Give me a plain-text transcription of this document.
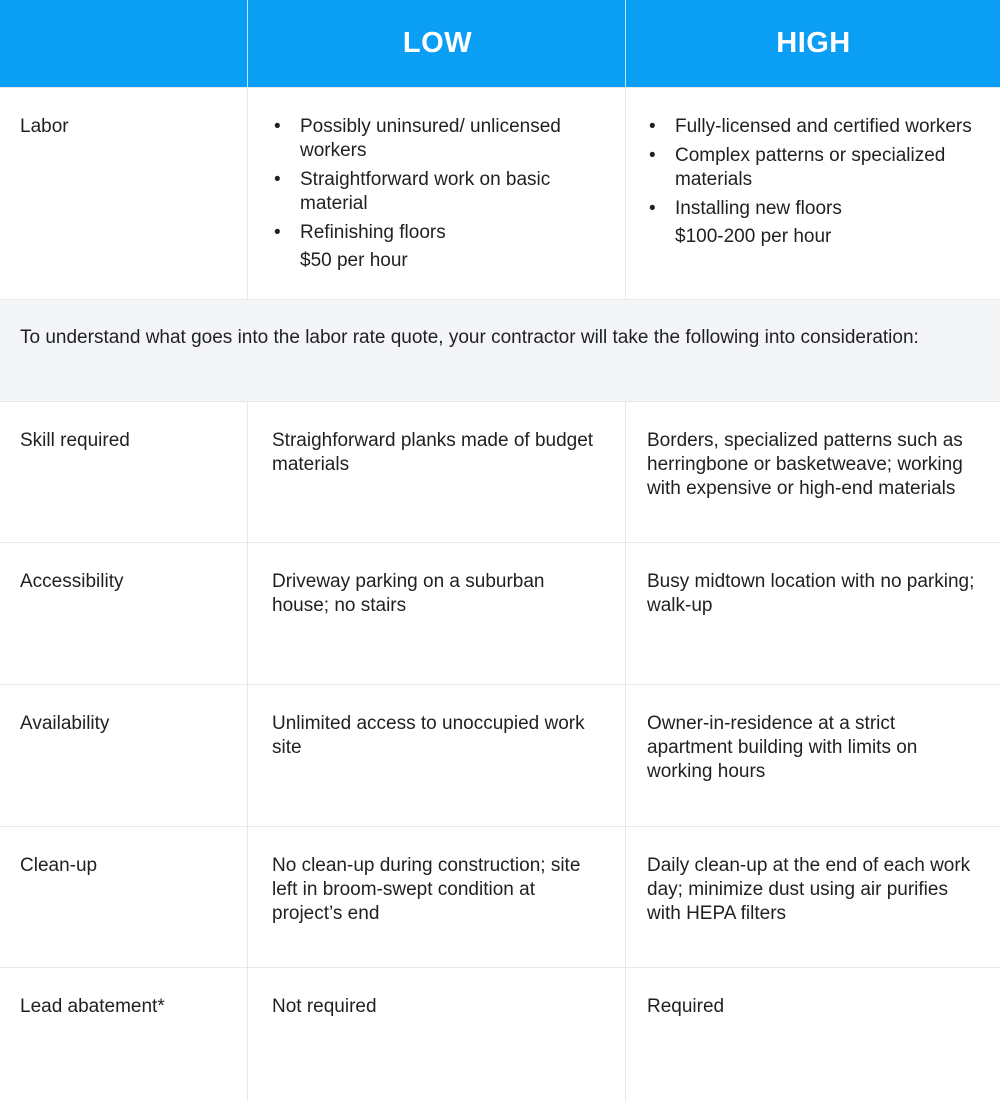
LOW	HIGH
Labor
•	Possibly uninsured/ unlicensed workers
• Straightforward work on basic material
• Refinishing floors
$50 per hour
• Fully-licensed and certified workers
• Complex patterns or specialized materials
• Installing new floors
$100-200 per hour
To understand what goes into the labor rate quote, your contractor will take the following into consideration:
Skill required	Straighforward planks made of budget materials
Borders, specialized patterns such as herringbone or basketweave; working with expensive or high-end materials
Accessibility	Driveway parking on a suburban house; no stairs
Busy midtown location with no parking; walk-up
Availability	Unlimited access to unoccupied work site
Owner-in-residence at a strict apartment building with limits on working hours
Clean-up	No clean-up during construction; site left in broom-swept condition at project’s end
Daily clean-up at the end of each work day; minimize dust using air purifies with HEPA filters
Lead abatement*	Not required	Required
